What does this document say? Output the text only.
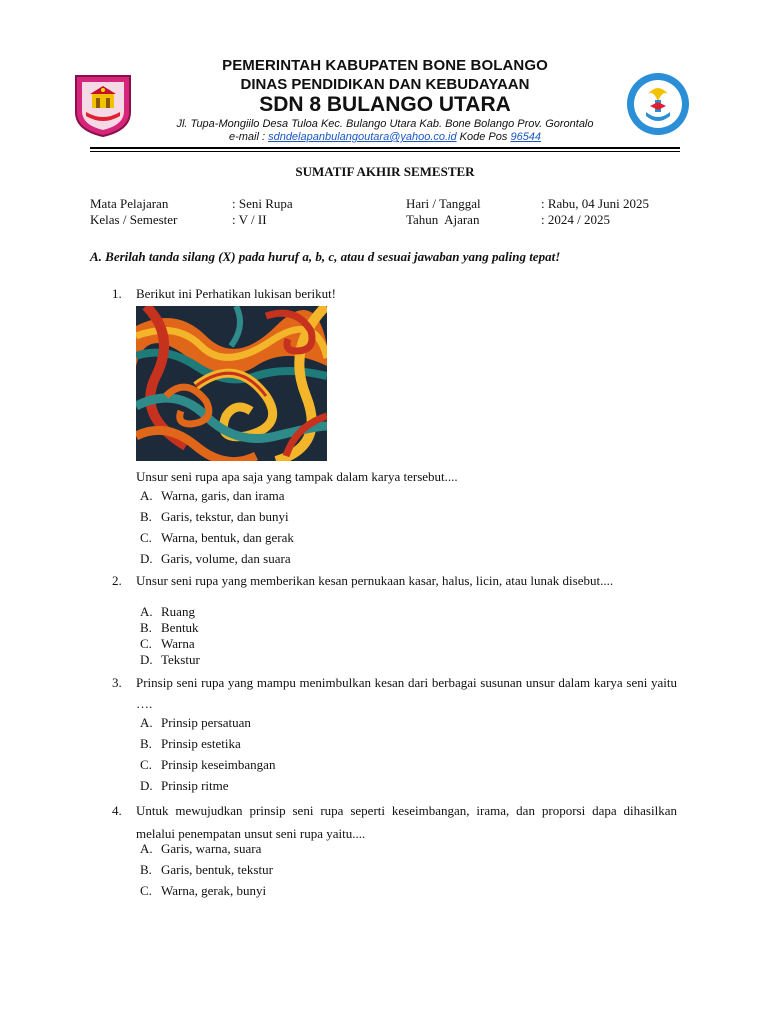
PEMERINTAH KABUPATEN BONE BOLANGO
DINAS PENDIDIKAN DAN KEBUDAYAAN
SDN 8 BULANGO UTARA
Jl. Tupa-Mongiilo Desa Tuloa Kec. Bulango Utara Kab. Bone Bolango Prov. Gorontalo
e-mail : sdndelapanbulangoutara@yahoo.co.id Kode Pos 96544
SUMATIF AKHIR SEMESTER
Mata Pelajaran	: Seni Rupa
Kelas / Semester	: V / II
Hari / Tanggal	: Rabu, 04 Juni 2025
Tahun  Ajaran	: 2024 / 2025
A. Berilah tanda silang (X) pada huruf a, b, c, atau d sesuai jawaban yang paling tepat!
1. Berikut ini Perhatikan lukisan berikut!
Unsur seni rupa apa saja yang tampak dalam karya tersebut....
A. Warna, garis, dan irama
B. Garis, tekstur, dan bunyi
C. Warna, bentuk, dan gerak
D. Garis, volume, dan suara
2. Unsur seni rupa yang memberikan kesan pernukaan kasar, halus, licin, atau lunak disebut....
A. Ruang
B. Bentuk
C. Warna
D. Tekstur
3. Prinsip seni rupa yang mampu menimbulkan kesan dari berbagai susunan unsur dalam karya seni yaitu ….
A. Prinsip persatuan
B. Prinsip estetika
C. Prinsip keseimbangan
D. Prinsip ritme
4. Untuk mewujudkan prinsip seni rupa seperti keseimbangan, irama, dan proporsi dapa dihasilkan melalui penempatan unsut seni rupa yaitu....
A. Garis, warna, suara
B. Garis, bentuk, tekstur
C. Warna, gerak, bunyi
